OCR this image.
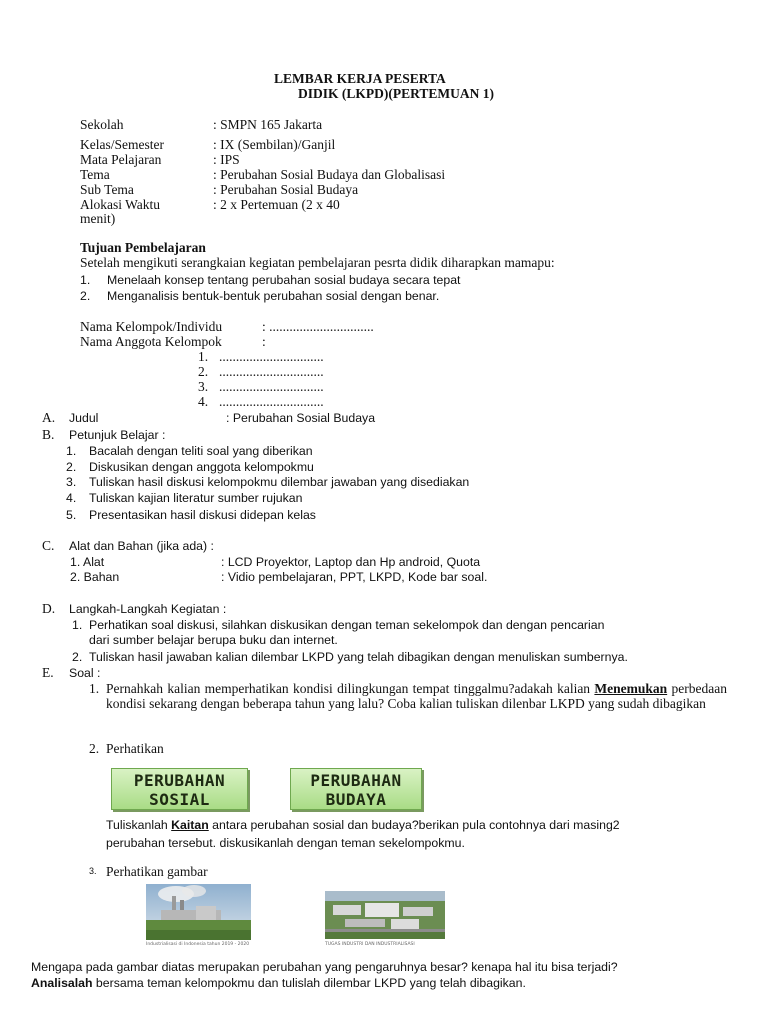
LEMBAR KERJA PESERTA
DIDIK (LKPD)(PERTEMUAN 1)
Sekolah	: SMPN 165 Jakarta
Kelas/Semester	: IX (Sembilan)/Ganjil
Mata Pelajaran	: IPS
Tema	: Perubahan Sosial Budaya dan Globalisasi
Sub Tema	: Perubahan Sosial Budaya
Alokasi Waktu	: 2 x Pertemuan (2 x 40
menit)
Tujuan Pembelajaran
Setelah mengikuti serangkaian kegiatan pembelajaran pesrta didik diharapkan mamapu:
1. Menelaah konsep tentang perubahan sosial budaya secara tepat
2. Menganalisis bentuk-bentuk perubahan sosial dengan benar.
Nama Kelompok/Individu	: ...............................
Nama Anggota Kelompok	:
1. ...............................
2. ...............................
3. ...............................
4. ...............................
A. Judul	: Perubahan Sosial Budaya
B. Petunjuk Belajar :
1. Bacalah dengan teliti soal yang diberikan
2. Diskusikan dengan anggota kelompokmu
3. Tuliskan hasil diskusi kelompokmu dilembar jawaban yang disediakan
4. Tuliskan kajian literatur sumber rujukan
5. Presentasikan hasil diskusi didepan kelas
C. Alat dan Bahan (jika ada) :
1. Alat	: LCD Proyektor, Laptop dan Hp android, Quota
2. Bahan	: Vidio pembelajaran, PPT, LKPD, Kode bar soal.
D. Langkah-Langkah Kegiatan :
1. Perhatikan soal diskusi, silahkan diskusikan dengan teman sekelompok dan dengan pencarian
dari sumber belajar berupa buku dan internet.
2. Tuliskan hasil jawaban kalian dilembar LKPD yang telah dibagikan dengan menuliskan sumbernya.
E. Soal :
1. Pernahkah kalian memperhatikan kondisi dilingkungan tempat tinggalmu?adakah kalian Menemukan perbedaan kondisi sekarang dengan beberapa tahun yang lalu? Coba kalian tuliskan dilenbar LKPD yang sudah dibagikan
2. Perhatikan
PERUBAHAN
SOSIAL
PERUBAHAN
BUDAYA
Tuliskanlah Kaitan antara perubahan sosial dan budaya?berikan pula contohnya dari masing2
perubahan tersebut. diskusikanlah dengan teman sekelompokmu.
3. Perhatikan gambar
Industrialisasi di Indonesia tahun 2019 - 2020	TUGAS INDUSTRI DAN INDUSTRIALISASI
Mengapa pada gambar diatas merupakan perubahan yang pengaruhnya besar? kenapa hal itu bisa terjadi?
Analisalah bersama teman kelompokmu dan tulislah dilembar LKPD yang telah dibagikan.
